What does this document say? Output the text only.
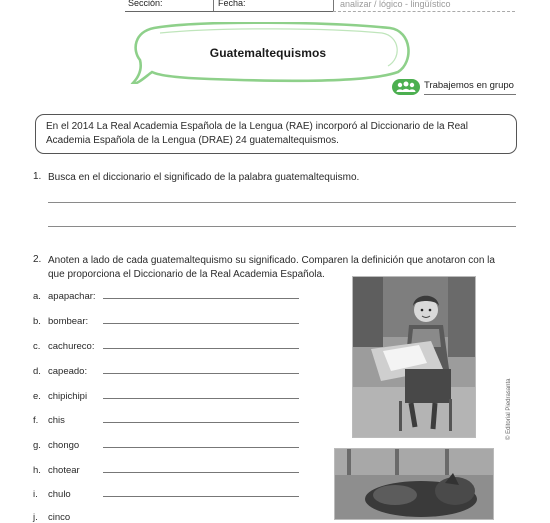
Sección:	Fecha:	analizar / lógico - lingüístico
Guatemaltequismos
Trabajemos en grupo
En el 2014 La Real Academia Española de la Lengua (RAE) incorporó al Diccionario de la Real Academia Española de la Lengua (DRAE) 24 guatemaltequismos.
1. Busca en el diccionario el significado de la palabra guatemaltequismo.
2. Anoten a lado de cada guatemaltequismo su significado. Comparen la definición que anotaron con la que proporciona el Diccionario de la Real Academia Española.
a. apapachar:
b. bombear:
c. cachureco:
d. capeado:
e. chipichipi
f. chis
g. chongo
h. chotear
i. chulo
j. cinco
© Editorial Piedrasanta
